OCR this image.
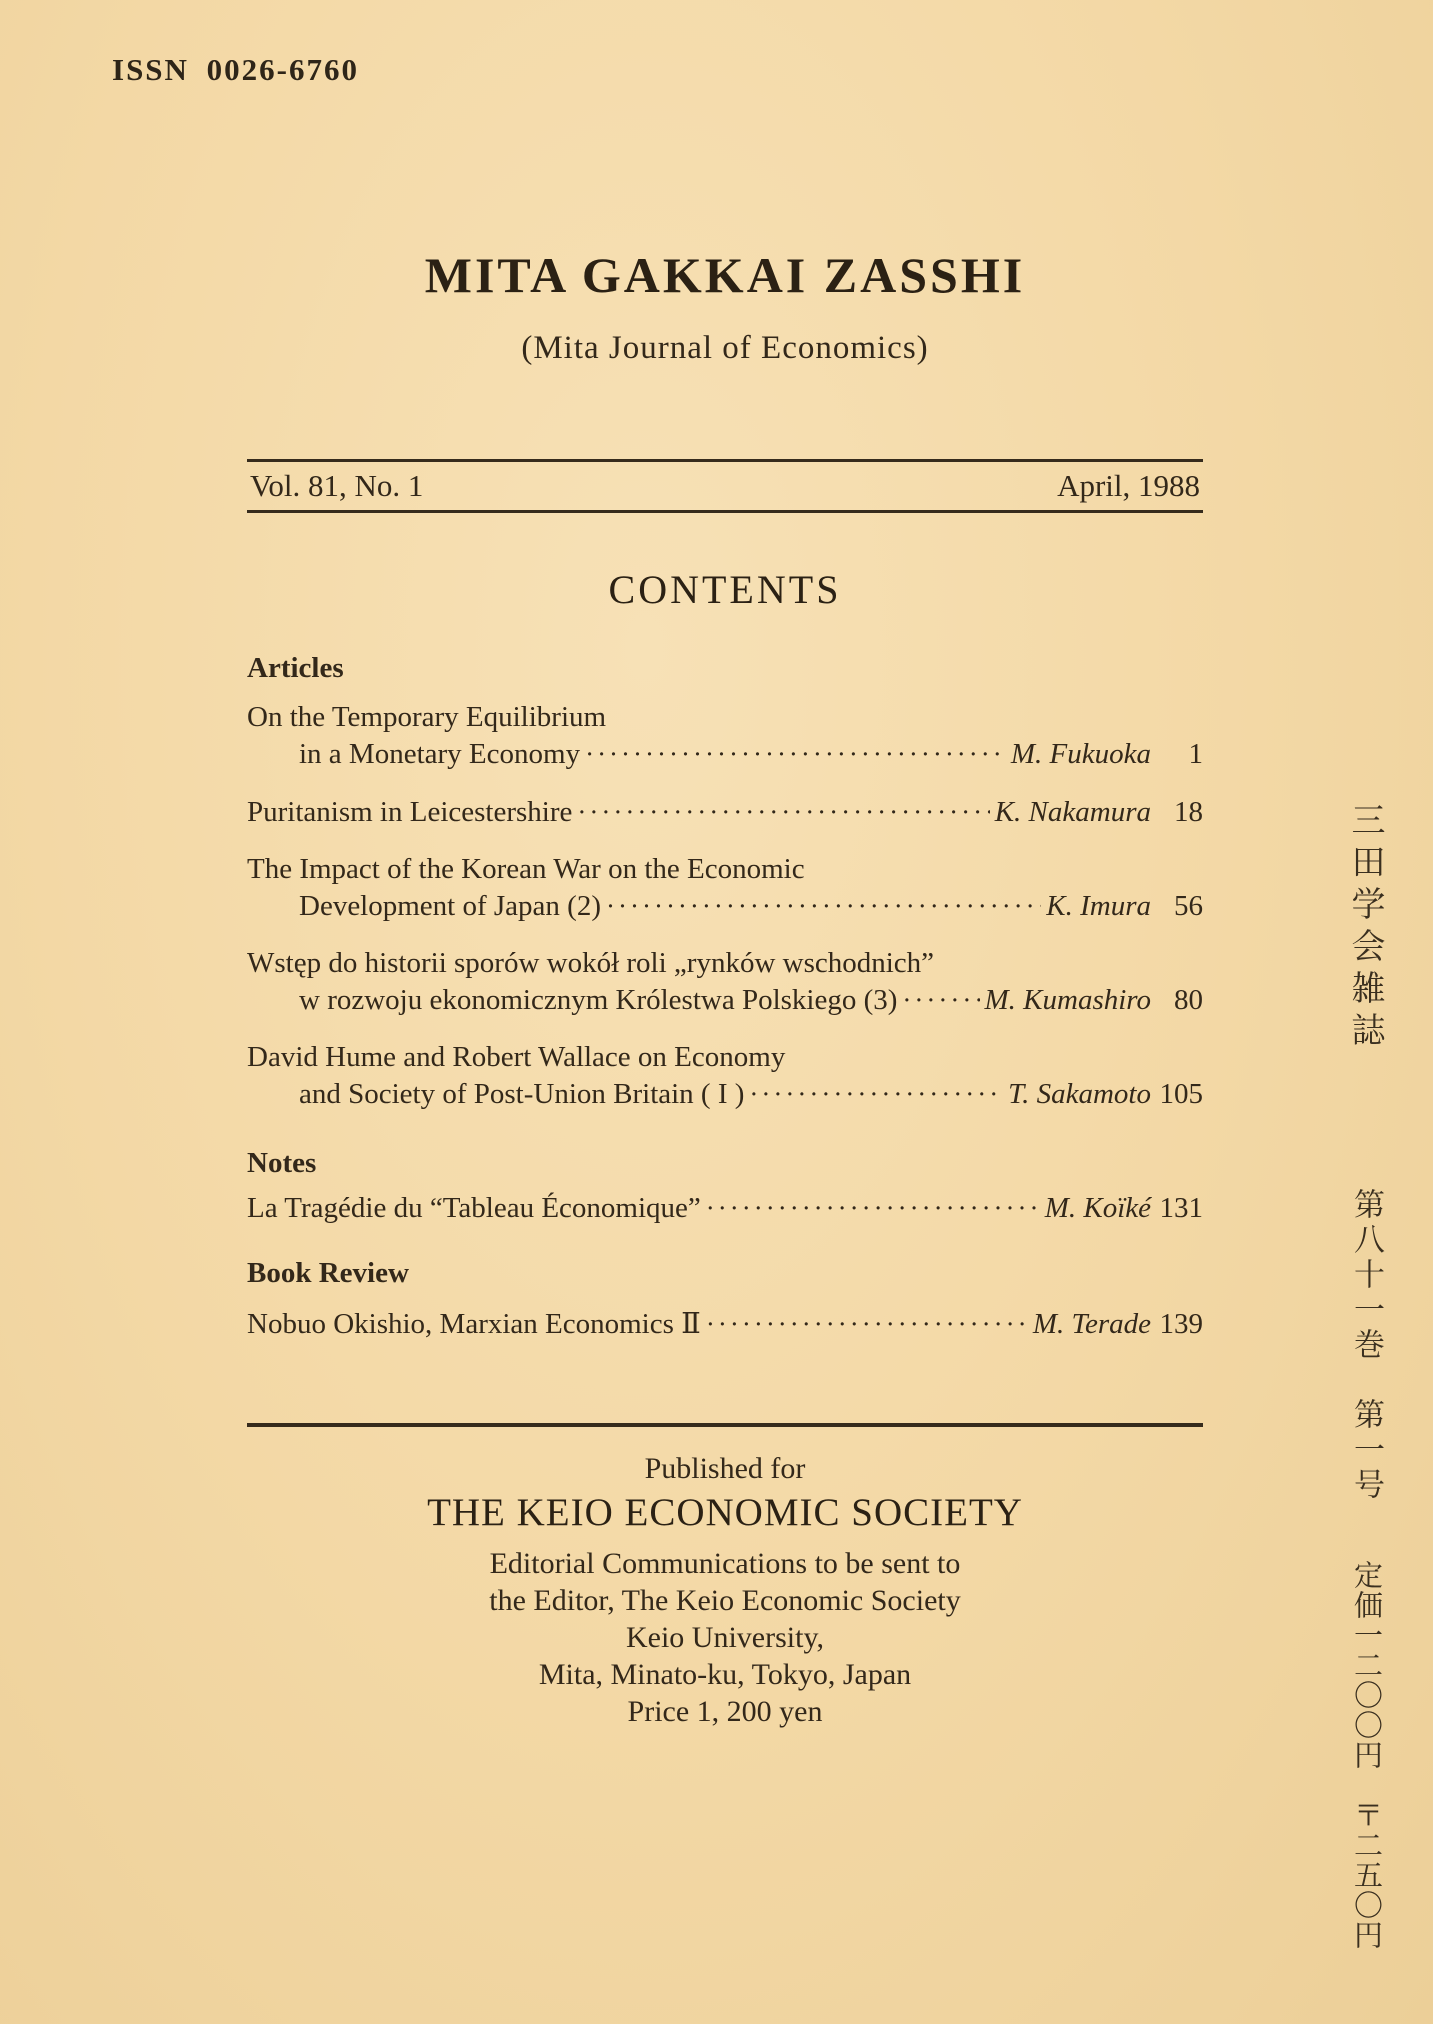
ISSN 0026-6760
MITA GAKKAI ZASSHI
(Mita Journal of Economics)
Vol. 81, No. 1	April, 1988
CONTENTS
Articles
On the Temporary Equilibrium
in a Monetary Economy ·····	M. Fukuoka	1
Puritanism in Leicestershire ·····	K. Nakamura 18
The Impact of the Korean War on the Economic
Development of Japan (2) ·····	K. Imura 56
Wstęp do historii sporów wokół roli „rynków wschodnich”
w rozwoju ekonomicznym Królestwa Polskiego (3) ·····	M. Kumashiro 80
David Hume and Robert Wallace on Economy
and Society of Post-Union Britain ( I ) ·····	T. Sakamoto 105
Notes
La Tragédie du “Tableau Économique” ·····	M. Koïké 131
Book Review
Nobuo Okishio, Marxian Economics Ⅱ ·····	M. Terade 139
Published for
THE KEIO ECONOMIC SOCIETY
Editorial Communications to be sent to
the Editor, The Keio Economic Society
Keio University,
Mita, Minato-ku, Tokyo, Japan
Price 1, 200 yen
三田学会雑誌
第八十一巻　第一号
定価一二〇〇円　〒二五〇円
